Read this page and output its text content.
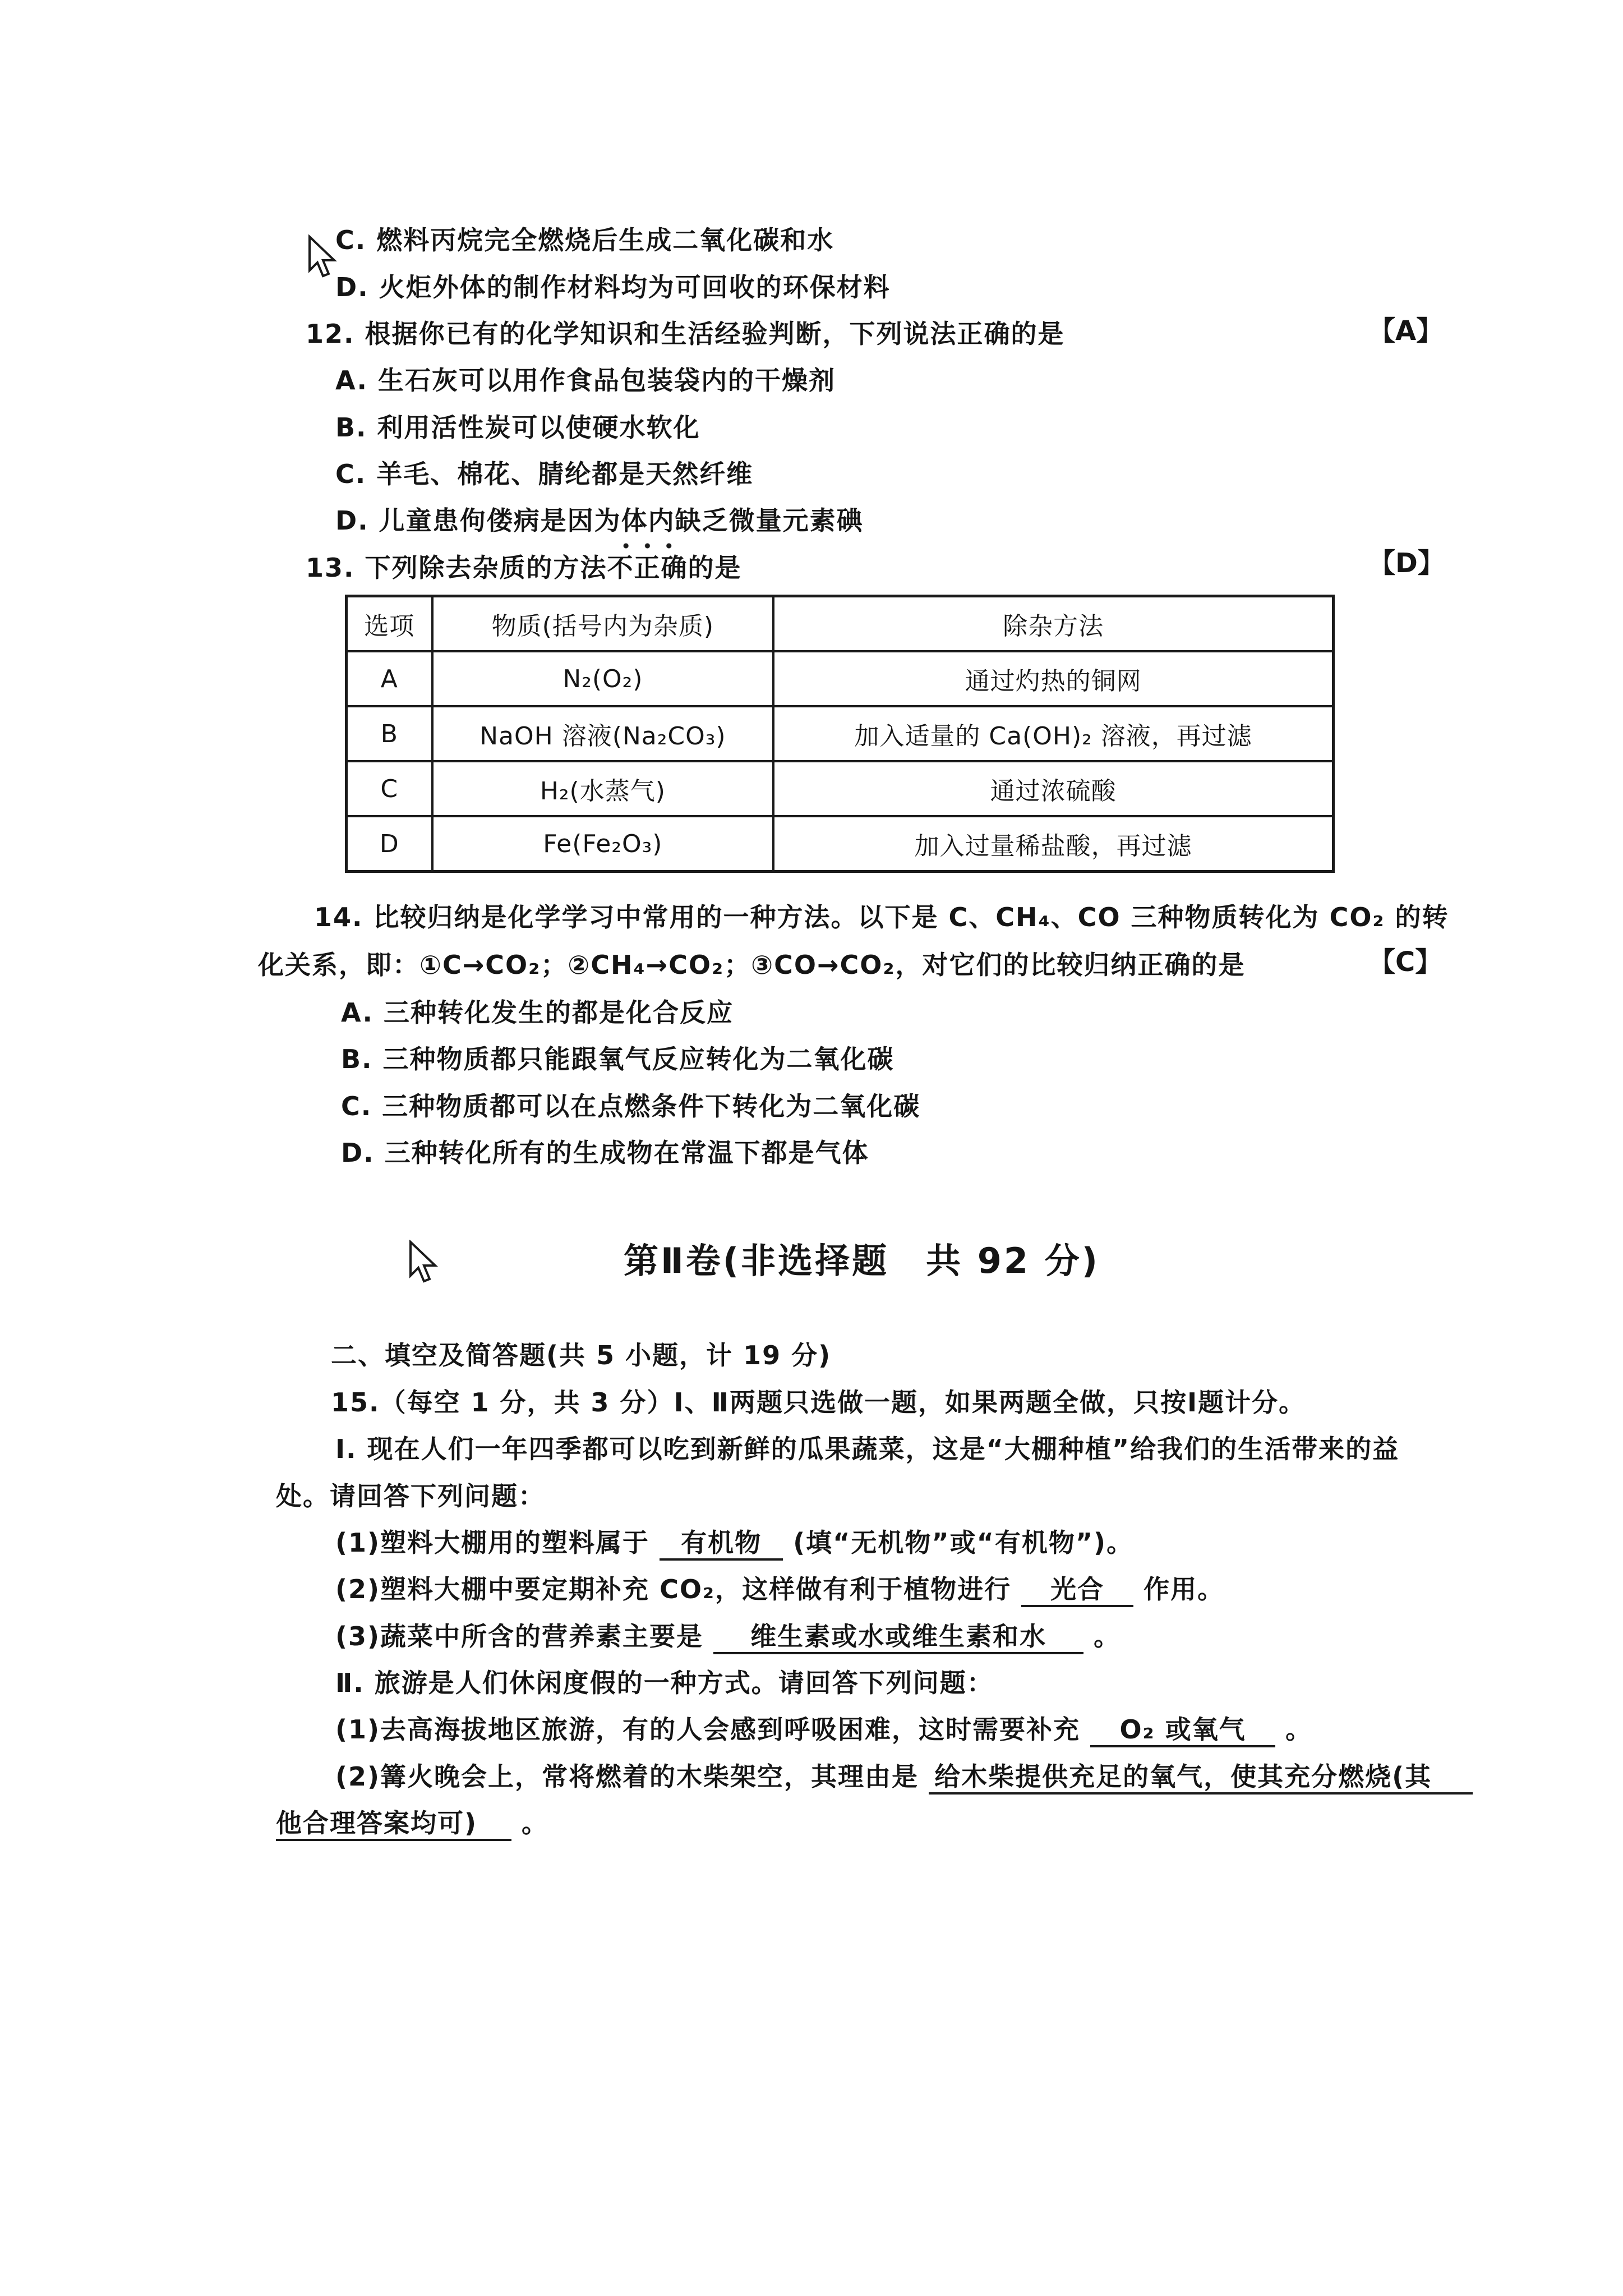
C. 燃料丙烷完全燃烧后生成二氧化碳和水
D. 火炬外体的制作材料均为可回收的环保材料
12. 根据你已有的化学知识和生活经验判断，下列说法正确的是	【A】
A. 生石灰可以用作食品包装袋内的干燥剂
B. 利用活性炭可以使硬水软化
C. 羊毛、棉花、腈纶都是天然纤维
D. 儿童患佝偻病是因为体内缺乏微量元素碘
13. 下列除去杂质的方法不正确的是	【D】
选项	物质(括号内为杂质)	除杂方法
A	N₂(O₂)	通过灼热的铜网
B	NaOH 溶液(Na₂CO₃)	加入适量的 Ca(OH)₂ 溶液，再过滤
C	H₂(水蒸气)	通过浓硫酸
D	Fe(Fe₂O₃)	加入过量稀盐酸，再过滤
14. 比较归纳是化学学习中常用的一种方法。以下是 C、CH₄、CO 三种物质转化为 CO₂ 的转
化关系，即：①C→CO₂；②CH₄→CO₂；③CO→CO₂，对它们的比较归纳正确的是	【C】
A. 三种转化发生的都是化合反应
B. 三种物质都只能跟氧气反应转化为二氧化碳
C. 三种物质都可以在点燃条件下转化为二氧化碳
D. 三种转化所有的生成物在常温下都是气体
第Ⅱ卷(非选择题　共 92 分)
二、填空及简答题(共 5 小题，计 19 分)
15.（每空 1 分，共 3 分）Ⅰ、Ⅱ两题只选做一题，如果两题全做，只按Ⅰ题计分。
Ⅰ. 现在人们一年四季都可以吃到新鲜的瓜果蔬菜，这是“大棚种植”给我们的生活带来的益
处。请回答下列问题：
(1)塑料大棚用的塑料属于 有机物 (填“无机物”或“有机物”)。
(2)塑料大棚中要定期补充 CO₂，这样做有利于植物进行 光合 作用。
(3)蔬菜中所含的营养素主要是 维生素或水或维生素和水 。
Ⅱ. 旅游是人们休闲度假的一种方式。请回答下列问题：
(1)去高海拔地区旅游，有的人会感到呼吸困难，这时需要补充 O₂ 或氧气 。
(2)篝火晚会上，常将燃着的木柴架空，其理由是 给木柴提供充足的氧气，使其充分燃烧(其
他合理答案均可) 。
